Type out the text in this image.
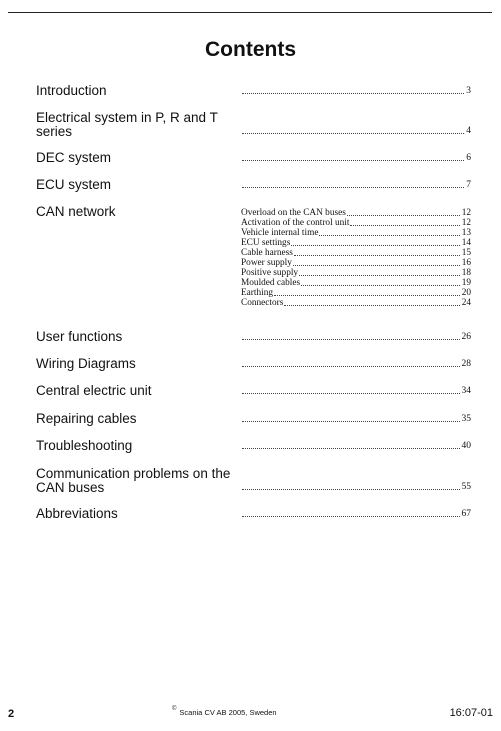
Contents
Introduction	3
Electrical system in P, R and T series	4
DEC system	6
ECU system	7
CAN network	Overload on the CAN buses	12
Activation of the control unit	12
Vehicle internal time	13
ECU settings	14
Cable harness	15
Power supply	16
Positive supply	18
Moulded cables	19
Earthing	20
Connectors	24
User functions	26
Wiring Diagrams	28
Central electric unit	34
Repairing cables	35
Troubleshooting	40
Communication problems on the CAN buses	55
Abbreviations	67
2	© Scania CV AB 2005, Sweden	16:07-01
